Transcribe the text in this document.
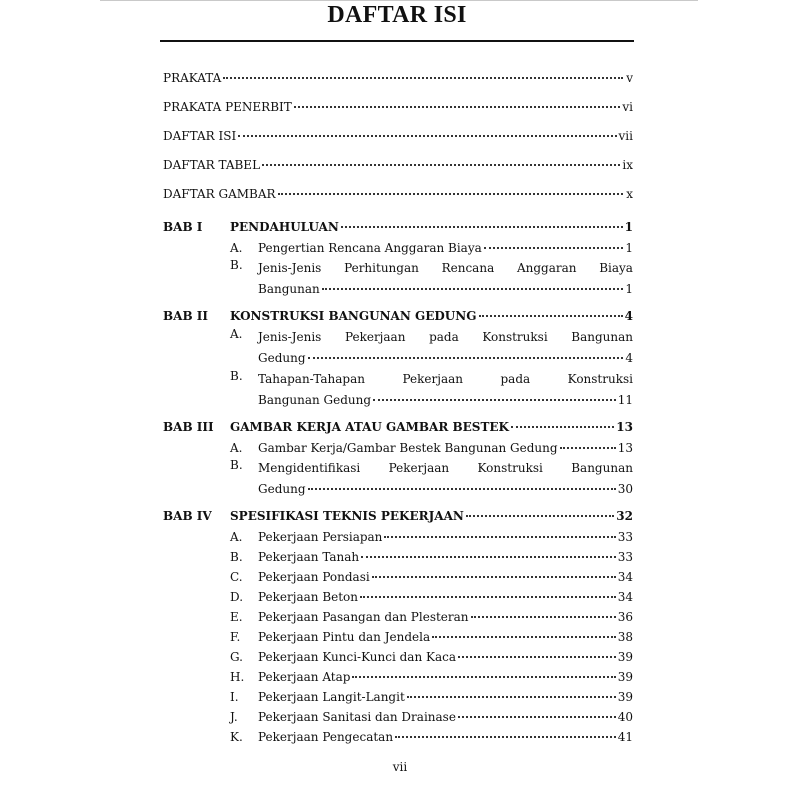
DAFTAR ISI
PRAKATA	v
PRAKATA PENERBIT	vi
DAFTAR ISI	vii
DAFTAR TABEL	ix
DAFTAR GAMBAR	x
BAB I	PENDAHULUAN	1
A.	Pengertian Rencana Anggaran Biaya	1
B.	Jenis-Jenis Perhitungan Rencana Anggaran Biaya
Bangunan	1
BAB II	KONSTRUKSI BANGUNAN GEDUNG	4
A.	Jenis-Jenis Pekerjaan pada Konstruksi Bangunan
Gedung	4
B.	Tahapan-Tahapan	Pekerjaan	pada	Konstruksi
Bangunan Gedung	11
BAB III	GAMBAR KERJA ATAU GAMBAR BESTEK	13
A.	Gambar Kerja/Gambar Bestek Bangunan Gedung	13
B.	Mengidentifikasi Pekerjaan Konstruksi Bangunan
Gedung	30
BAB IV	SPESIFIKASI TEKNIS PEKERJAAN	32
A.	Pekerjaan Persiapan	33
B.	Pekerjaan Tanah	33
C.	Pekerjaan Pondasi	34
D.	Pekerjaan Beton	34
E.	Pekerjaan Pasangan dan Plesteran	36
F.	Pekerjaan Pintu dan Jendela	38
G.	Pekerjaan Kunci-Kunci dan Kaca	39
H.	Pekerjaan Atap	39
I.	Pekerjaan Langit-Langit	39
J.	Pekerjaan Sanitasi dan Drainase	40
K.	Pekerjaan Pengecatan	41
vii
